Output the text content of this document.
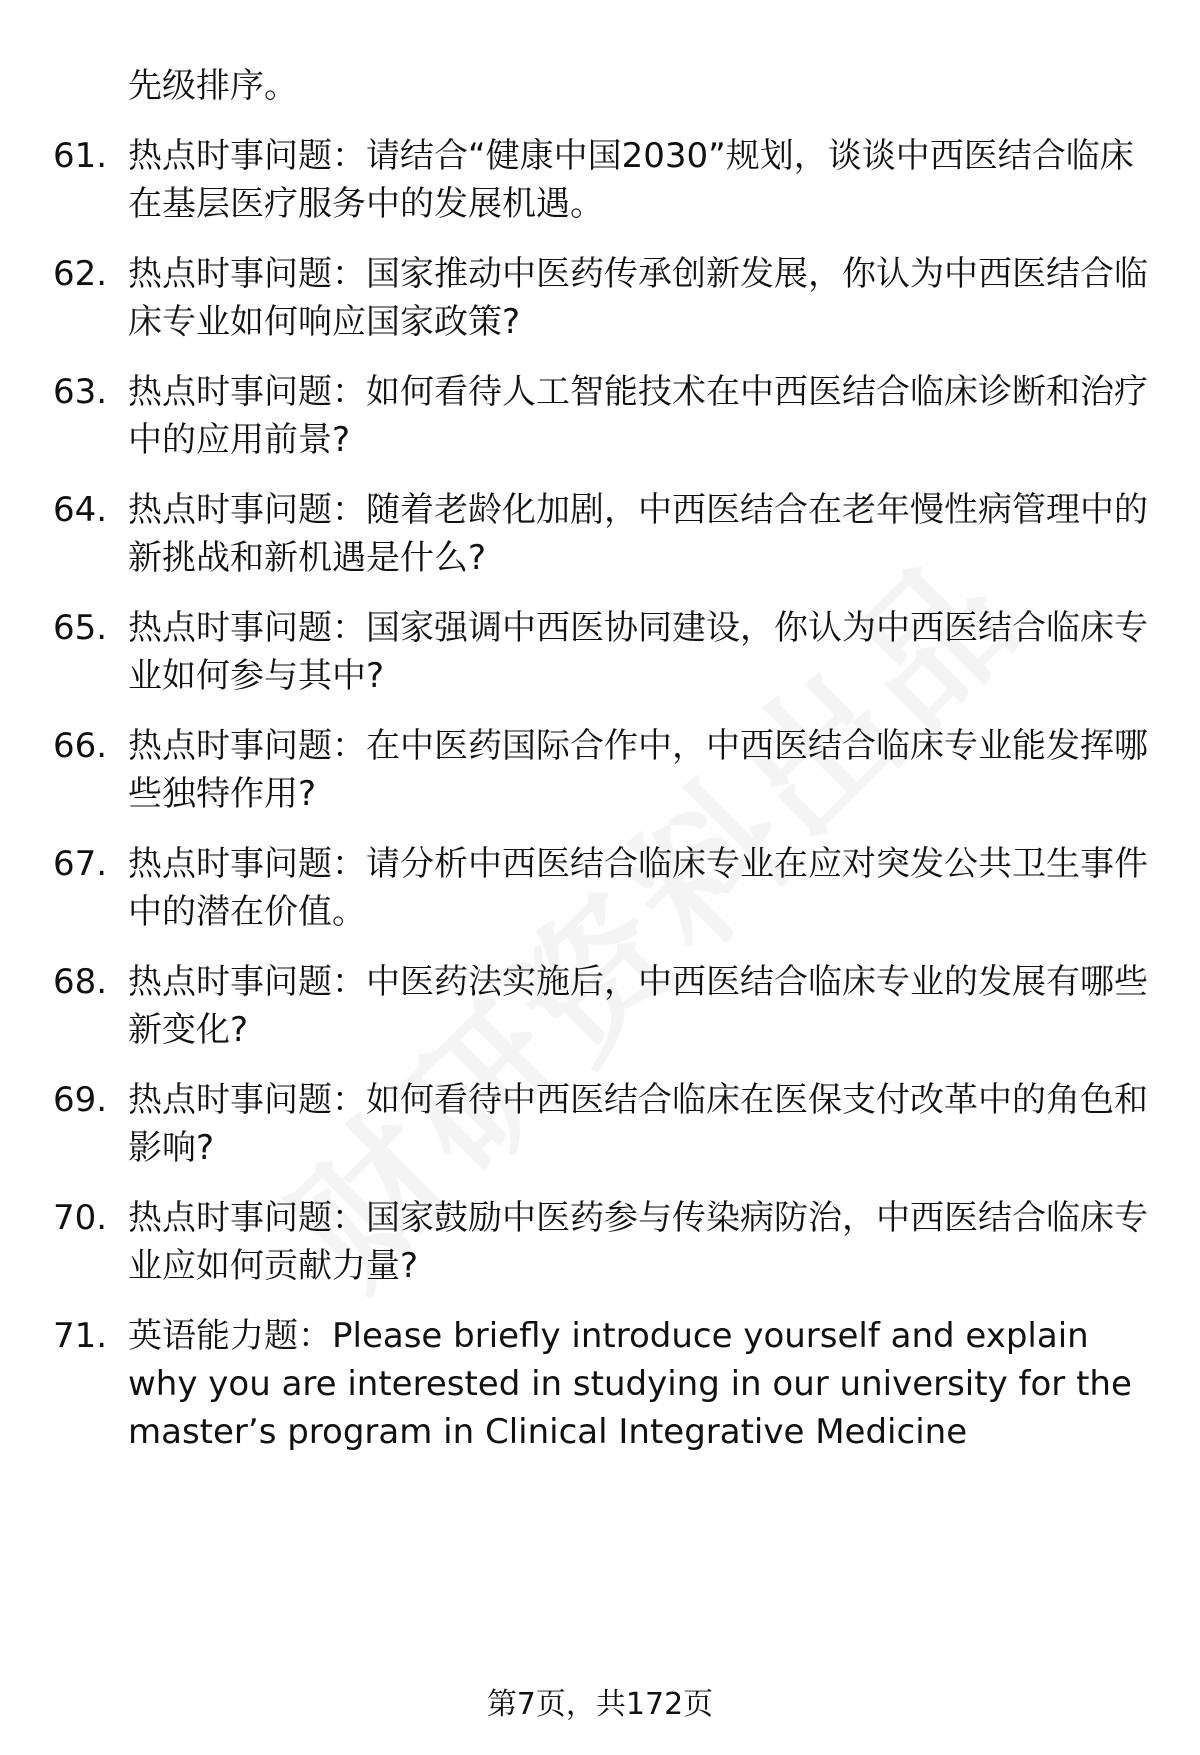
先级排序。
61. 热点时事问题：请结合“健康中国2030”规划，谈谈中西医结合临床在基层医疗服务中的发展机遇。
62. 热点时事问题：国家推动中医药传承创新发展，你认为中西医结合临床专业如何响应国家政策?
63. 热点时事问题：如何看待人工智能技术在中西医结合临床诊断和治疗中的应用前景?
64. 热点时事问题：随着老龄化加剧，中西医结合在老年慢性病管理中的新挑战和新机遇是什么?
65. 热点时事问题：国家强调中西医协同建设，你认为中西医结合临床专业如何参与其中?
66. 热点时事问题：在中医药国际合作中，中西医结合临床专业能发挥哪些独特作用?
67. 热点时事问题：请分析中西医结合临床专业在应对突发公共卫生事件中的潜在价值。
68. 热点时事问题：中医药法实施后，中西医结合临床专业的发展有哪些新变化?
69. 热点时事问题：如何看待中西医结合临床在医保支付改革中的角色和影响?
70. 热点时事问题：国家鼓励中医药参与传染病防治，中西医结合临床专业应如何贡献力量?
71. 英语能力题：Please briefly introduce yourself and explain why you are interested in studying in our university for the master’s program in Clinical Integrative Medicine
第7页，共172页
